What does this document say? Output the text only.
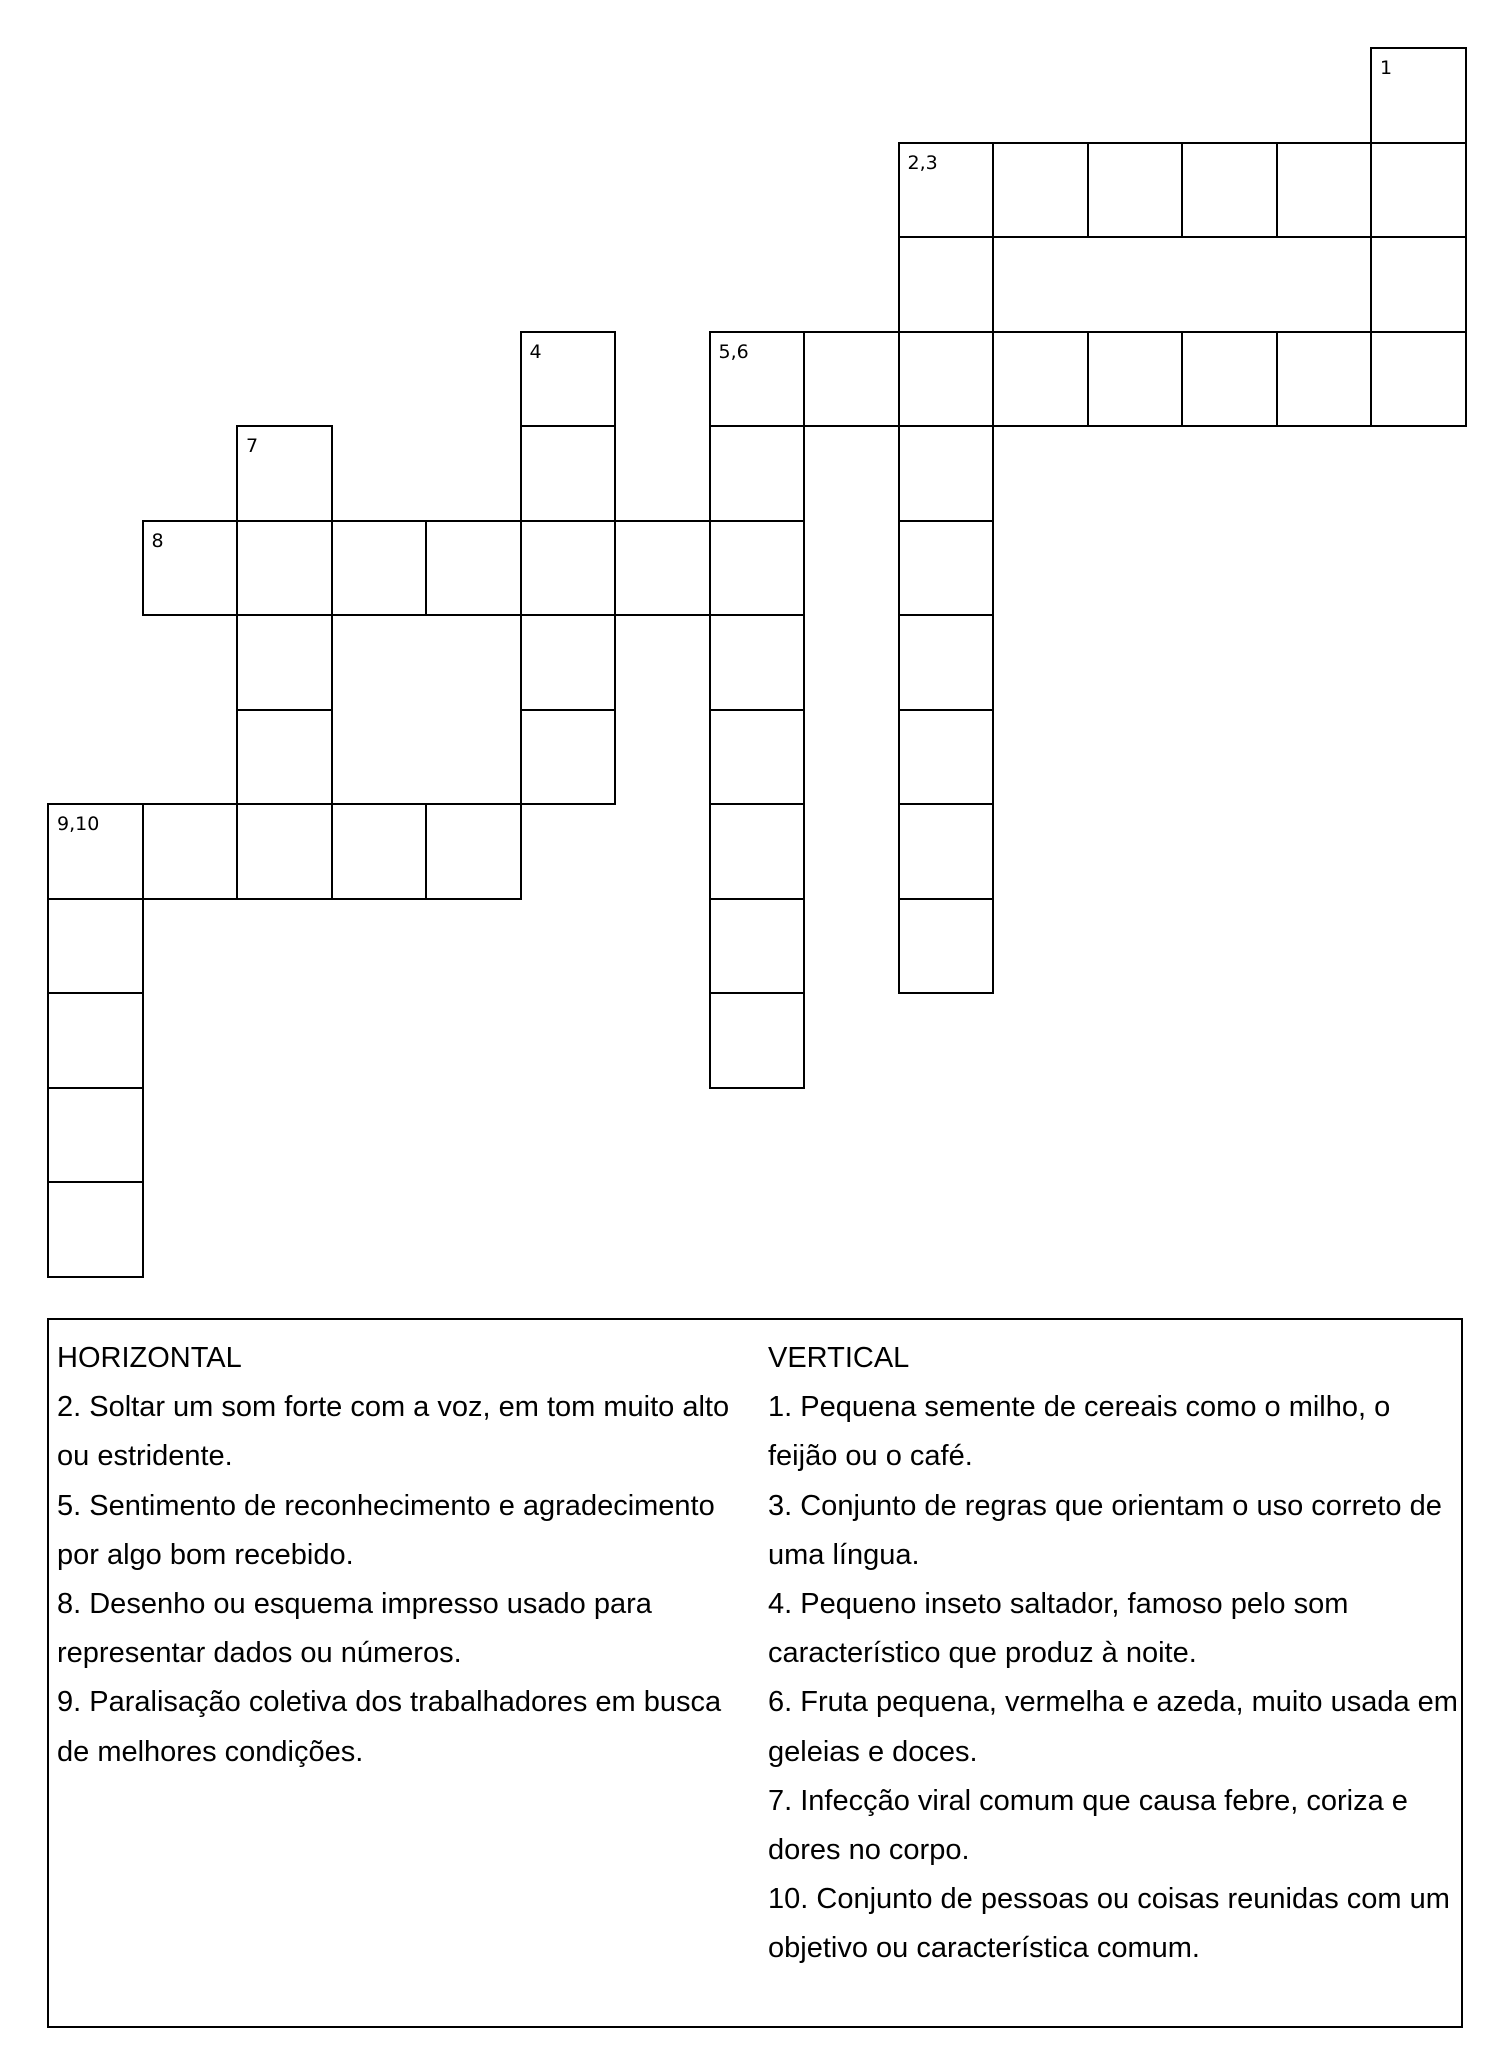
1
2,3
4	5,6
7
8
9,10
HORIZONTAL
2. Soltar um som forte com a voz, em tom muito alto ou estridente.
5. Sentimento de reconhecimento e agradecimento por algo bom recebido.
8. Desenho ou esquema impresso usado para representar dados ou números.
9. Paralisação coletiva dos trabalhadores em busca de melhores condições.
VERTICAL
1. Pequena semente de cereais como o milho, o feijão ou o café.
3. Conjunto de regras que orientam o uso correto de uma língua.
4. Pequeno inseto saltador, famoso pelo som característico que produz à noite.
6. Fruta pequena, vermelha e azeda, muito usada em geleias e doces.
7. Infecção viral comum que causa febre, coriza e dores no corpo.
10. Conjunto de pessoas ou coisas reunidas com um objetivo ou característica comum.
